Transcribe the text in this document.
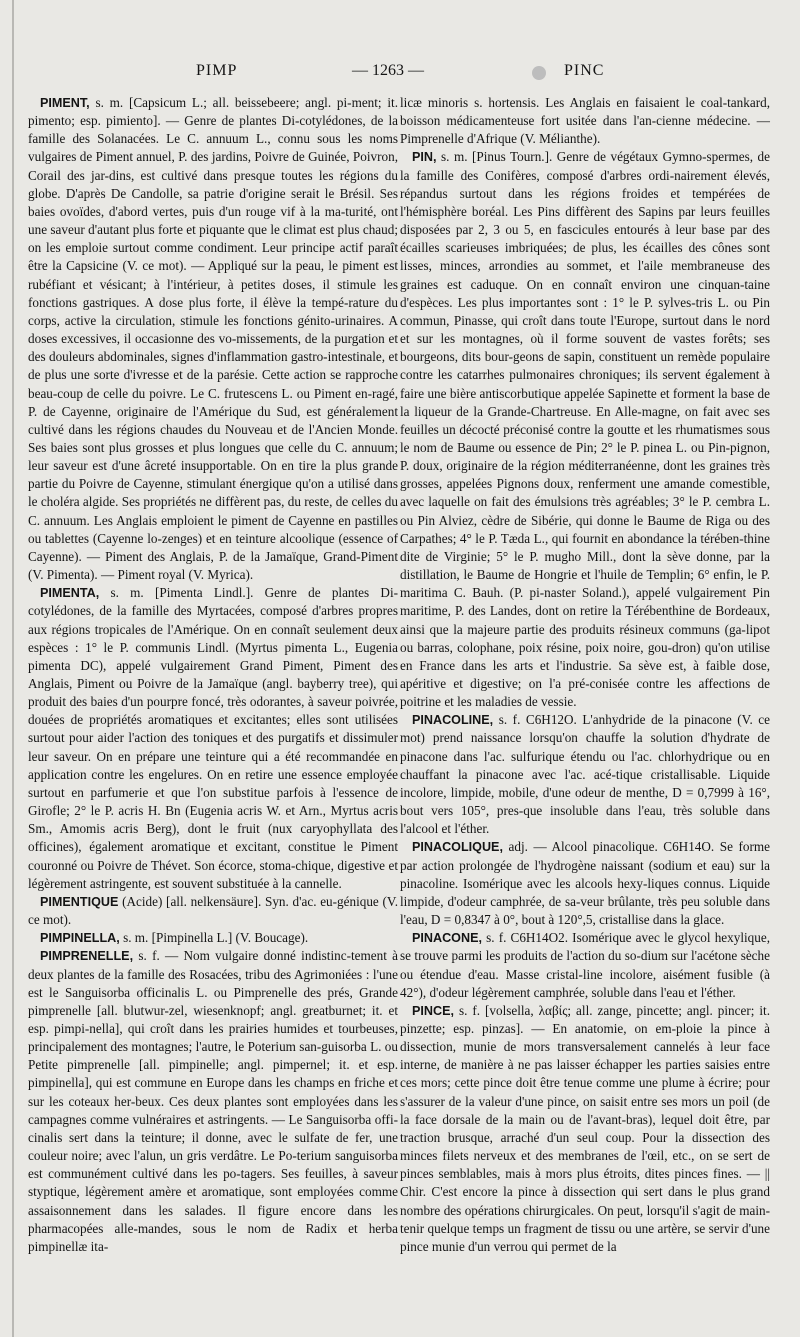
PIMP	— 1263 —	PINC

PIMENT, s. m. [Capsicum L.; all. beissebeere; angl. pi-ment; it. pimento; esp. pimiento]. — Genre de plantes Di-cotylédones, de la famille des Solanacées. Le C. annuum L., connu sous les noms vulgaires de Piment annuel, P. des jardins, Poivre de Guinée, Poivron, Corail des jar-dins, est cultivé dans presque toutes les régions du globe. D'après De Candolle, sa patrie d'origine serait le Brésil. Ses baies ovoïdes, d'abord vertes, puis d'un rouge vif à la ma-turité, ont une saveur d'autant plus forte et piquante que le climat est plus chaud; on les emploie surtout comme condiment. Leur principe actif paraît être la Capsicine (V. ce mot). — Appliqué sur la peau, le piment est rubéfiant et vésicant; à l'intérieur, à petites doses, il stimule les fonctions gastriques. A dose plus forte, il élève la tempé-rature du corps, active la circulation, stimule les fonctions génito-urinaires. A doses excessives, il occasionne des vo-missements, de la purgation et des douleurs abdominales, signes d'inflammation gastro-intestinale, et de plus une sorte d'ivresse et de la parésie. Cette action se rapproche beau-coup de celle du poivre. Le C. frutescens L. ou Piment en-ragé, P. de Cayenne, originaire de l'Amérique du Sud, est généralement cultivé dans les régions chaudes du Nouveau et de l'Ancien Monde. Ses baies sont plus grosses et plus longues que celle du C. annuum; leur saveur est d'une âcreté insupportable. On en tire la plus grande partie du Poivre de Cayenne, stimulant énergique qu'on a utilisé dans le choléra algide. Ses propriétés ne diffèrent pas, du reste, de celles du C. annuum. Les Anglais emploient le piment de Cayenne en pastilles ou tablettes (Cayenne lo-zenges) et en teinture alcoolique (essence of Cayenne). — Piment des Anglais, P. de la Jamaïque, Grand-Piment (V. Pimenta). — Piment royal (V. Myrica).

PIMENTA, s. m. [Pimenta Lindl.]. Genre de plantes Di-cotylédones, de la famille des Myrtacées, composé d'arbres propres aux régions tropicales de l'Amérique. On en connaît seulement deux espèces : 1° le P. communis Lindl. (Myrtus pimenta L., Eugenia pimenta DC), appelé vulgairement Grand Piment, Piment des Anglais, Piment ou Poivre de la Jamaïque (angl. bayberry tree), qui produit des baies d'un pourpre foncé, très odorantes, à saveur poivrée, douées de propriétés aromatiques et excitantes; elles sont utilisées surtout pour aider l'action des toniques et des purgatifs et dissimuler leur saveur. On en prépare une teinture qui a été recommandée en application contre les engelures. On en retire une essence employée surtout en parfumerie et que l'on substitue parfois à l'essence de Girofle; 2° le P. acris H. Bn (Eugenia acris W. et Arn., Myrtus acris Sm., Amomis acris Berg), dont le fruit (nux caryophyllata des officines), également aromatique et excitant, constitue le Piment couronné ou Poivre de Thévet. Son écorce, stoma-chique, digestive et légèrement astringente, est souvent substituée à la cannelle.

PIMENTIQUE (Acide) [all. nelkensäure]. Syn. d'ac. eu-génique (V. ce mot).

PIMPINELLA, s. m. [Pimpinella L.] (V. Boucage).

PIMPRENELLE, s. f. — Nom vulgaire donné indistinc-tement à deux plantes de la famille des Rosacées, tribu des Agrimoniées : l'une est le Sanguisorba officinalis L. ou Pimprenelle des prés, Grande pimprenelle [all. blutwur-zel, wiesenknopf; angl. greatburnet; it. et esp. pimpi-nella], qui croît dans les prairies humides et tourbeuses, principalement des montagnes; l'autre, le Poterium san-guisorba L. ou Petite pimprenelle [all. pimpinelle; angl. pimpernel; it. et esp. pimpinella], qui est commune en Europe dans les champs en friche et sur les coteaux her-beux. Ces deux plantes sont employées dans les campagnes comme vulnéraires et astringents. — Le Sanguisorba offi-cinalis sert dans la teinture; il donne, avec le sulfate de fer, une couleur noire; avec l'alun, un gris verdâtre. Le Po-terium sanguisorba est communément cultivé dans les po-tagers. Ses feuilles, à saveur styptique, légèrement amère et aromatique, sont employées comme assaisonnement dans les salades. Il figure encore dans les pharmacopées alle-mandes, sous le nom de Radix et herba pimpinellæ ita-

licæ minoris s. hortensis. Les Anglais en faisaient le coal-tankard, boisson médicamenteuse fort usitée dans l'an-cienne médecine. — Pimprenelle d'Afrique (V. Mélianthe).

PIN, s. m. [Pinus Tourn.]. Genre de végétaux Gymno-spermes, de la famille des Conifères, composé d'arbres ordi-nairement élevés, répandus surtout dans les régions froides et tempérées de l'hémisphère boréal. Les Pins diffèrent des Sapins par leurs feuilles disposées par 2, 3 ou 5, en fascicules entourés à leur base par des écailles scarieuses imbriquées; de plus, les écailles des cônes sont lisses, minces, arrondies au sommet, et l'aile membraneuse des graines est caduque. On en connaît environ une cinquan-taine d'espèces. Les plus importantes sont : 1° le P. sylves-tris L. ou Pin commun, Pinasse, qui croît dans toute l'Europe, surtout dans le nord et sur les montagnes, où il forme souvent de vastes forêts; ses bourgeons, dits bour-geons de sapin, constituent un remède populaire contre les catarrhes pulmonaires chroniques; ils servent également à faire une bière antiscorbutique appelée Sapinette et forment la base de la liqueur de la Grande-Chartreuse. En Alle-magne, on fait avec ses feuilles un décocté préconisé contre la goutte et les rhumatismes sous le nom de Baume ou essence de Pin; 2° le P. pinea L. ou Pin-pignon, P. doux, originaire de la région méditerranéenne, dont les graines très grosses, appelées Pignons doux, renferment une amande comestible, avec laquelle on fait des émulsions très agréables; 3° le P. cembra L. ou Pin Alviez, cèdre de Sibérie, qui donne le Baume de Riga ou des Carpathes; 4° le P. Tæda L., qui fournit en abondance la térében-thine dite de Virginie; 5° le P. mugho Mill., dont la sève donne, par la distillation, le Baume de Hongrie et l'huile de Templin; 6° enfin, le P. maritima C. Bauh. (P. pi-naster Soland.), appelé vulgairement Pin maritime, P. des Landes, dont on retire la Térébenthine de Bordeaux, ainsi que la majeure partie des produits résineux communs (ga-lipot ou barras, colophane, poix résine, poix noire, gou-dron) qu'on utilise en France dans les arts et l'industrie. Sa sève est, à faible dose, apéritive et digestive; on l'a pré-conisée contre les affections de poitrine et les maladies de vessie.

PINACOLINE, s. f. C6H12O. L'anhydride de la pinacone (V. ce mot) prend naissance lorsqu'on chauffe la solution d'hydrate de pinacone dans l'ac. sulfurique étendu ou l'ac. chlorhydrique ou en chauffant la pinacone avec l'ac. acé-tique cristallisable. Liquide incolore, limpide, mobile, d'une odeur de menthe, D = 0,7999 à 16°, bout vers 105°, pres-que insoluble dans l'eau, très soluble dans l'alcool et l'éther.

PINACOLIQUE, adj. — Alcool pinacolique. C6H14O. Se forme par action prolongée de l'hydrogène naissant (sodium et eau) sur la pinacoline. Isomérique avec les alcools hexy-liques connus. Liquide limpide, d'odeur camphrée, de sa-veur brûlante, très peu soluble dans l'eau, D = 0,8347 à 0°, bout à 120°,5, cristallise dans la glace.

PINACONE, s. f. C6H14O2. Isomérique avec le glycol hexylique, se trouve parmi les produits de l'action du so-dium sur l'acétone sèche ou étendue d'eau. Masse cristal-line incolore, aisément fusible (à 42°), d'odeur légèrement camphrée, soluble dans l'eau et l'éther.

PINCE, s. f. [volsella, λαβίς; all. zange, pincette; angl. pincer; it. pinzette; esp. pinzas]. — En anatomie, on em-ploie la pince à dissection, munie de mors transversalement cannelés à leur face interne, de manière à ne pas laisser échapper les parties saisies entre ces mors; cette pince doit être tenue comme une plume à écrire; pour s'assurer de la valeur d'une pince, on saisit entre ses mors un poil (de la face dorsale de la main ou de l'avant-bras), lequel doit être, par traction brusque, arraché d'un seul coup. Pour la dissection des minces filets nerveux et des membranes de l'œil, etc., on se sert de pinces semblables, mais à mors plus étroits, dites pinces fines. — || Chir. C'est encore la pince à dissection qui sert dans le plus grand nombre des opérations chirurgicales. On peut, lorsqu'il s'agit de main-tenir quelque temps un fragment de tissu ou une artère, se servir d'une pince munie d'un verrou qui permet de la
